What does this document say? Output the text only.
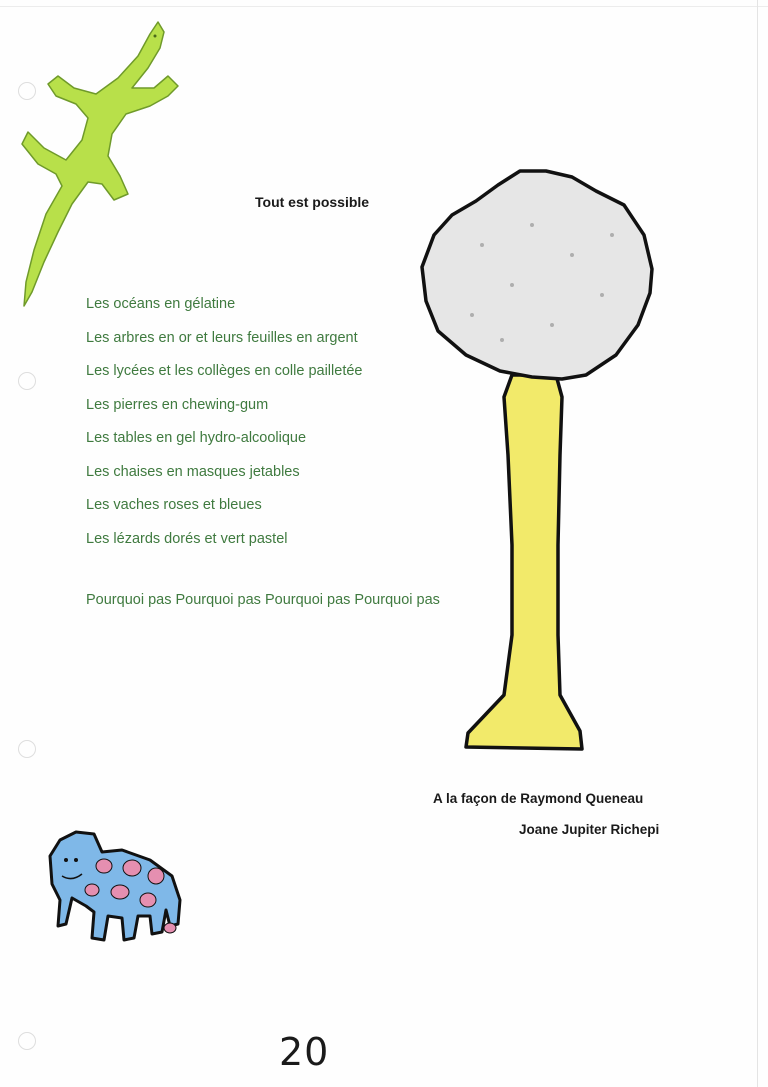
Tout est possible
Les océans en gélatine
Les arbres en or et leurs feuilles en argent
Les lycées et les collèges en colle pailletée
Les pierres en chewing-gum
Les tables en gel hydro-alcoolique
Les chaises en masques jetables
Les vaches roses et bleues
Les lézards dorés et vert pastel
Pourquoi pas Pourquoi pas Pourquoi pas Pourquoi pas
A la façon de Raymond Queneau
Joane Jupiter Richepi
20
